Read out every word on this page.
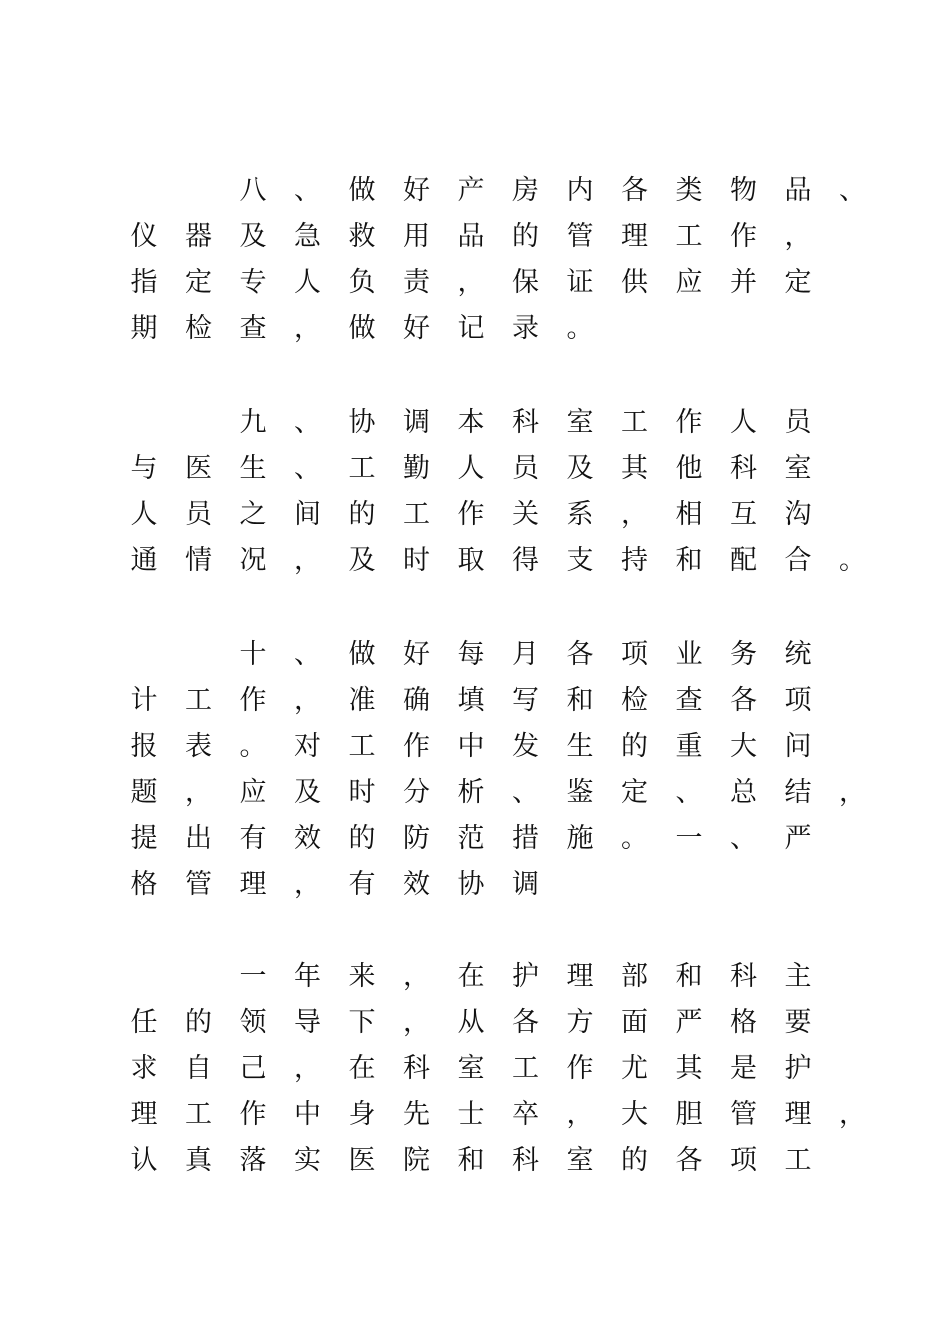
八	、	做	好	产	房	内	各	类	物	品	、
仪	器	及	急	救	用	品	的	管	理	工	作	，
指	定	专	人	负	责	，	保	证	供	应	并	定
期	检	查	，	做	好	记	录	。
九	、	协	调	本	科	室	工	作	人	员
与	医	生	、	工	勤	人	员	及	其	他	科	室
人	员	之	间	的	工	作	关	系	，	相	互	沟
通	情	况	，	及	时	取	得	支	持	和	配	合	。
十	、	做	好	每	月	各	项	业	务	统
计	工	作	，	准	确	填	写	和	检	查	各	项
报	表	。	对	工	作	中	发	生	的	重	大	问
题	，	应	及	时	分	析	、	鉴	定	、	总	结	，
提	出	有	效	的	防	范	措	施	。	一	、	严
格	管	理	，	有	效	协	调
一	年	来	，	在	护	理	部	和	科	主
任	的	领	导	下	，	从	各	方	面	严	格	要
求	自	己	，	在	科	室	工	作	尤	其	是	护
理	工	作	中	身	先	士	卒	，	大	胆	管	理	，
认	真	落	实	医	院	和	科	室	的	各	项	工
